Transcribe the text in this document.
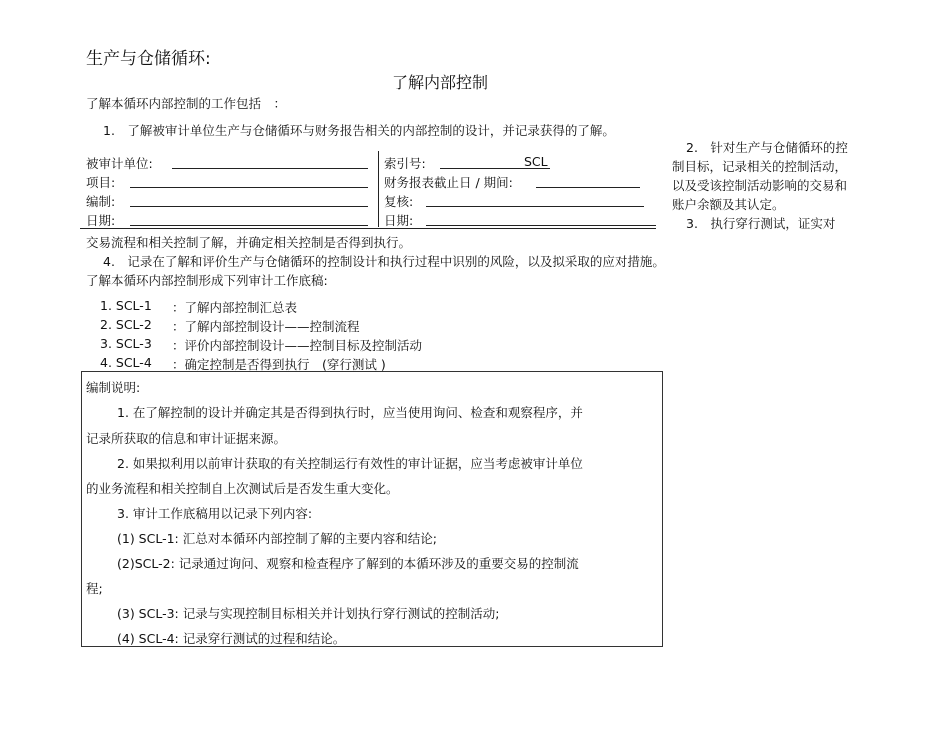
生产与仓储循环:
了解内部控制
了解本循环内部控制的工作包括　：
1.　了解被审计单位生产与仓储循环与财务报告相关的内部控制的设计，并记录获得的了解。
2.　针对生产与仓储循环的控制目标，记录相关的控制活动，以及受该控制活动影响的交易和账户余额及其认定。
3.　执行穿行测试，证实对
被审计单位:
项目:
编制:
日期:
索引号:	SCL
财务报表截止日 / 期间:
复核:
日期:
交易流程和相关控制了解，并确定相关控制是否得到执行。
4.　记录在了解和评价生产与仓储循环的控制设计和执行过程中识别的风险，以及拟采取的应对措施。
了解本循环内部控制形成下列审计工作底稿:
1. SCL-1 ：了解内部控制汇总表
2. SCL-2 ：了解内部控制设计——控制流程
3. SCL-3 ：评价内部控制设计——控制目标及控制活动
4. SCL-4 ：确定控制是否得到执行　(穿行测试 )
编制说明:
1. 在了解控制的设计并确定其是否得到执行时，应当使用询问、检查和观察程序，并
记录所获取的信息和审计证据来源。
2. 如果拟利用以前审计获取的有关控制运行有效性的审计证据，应当考虑被审计单位
的业务流程和相关控制自上次测试后是否发生重大变化。
3. 审计工作底稿用以记录下列内容:
(1) SCL-1: 汇总对本循环内部控制了解的主要内容和结论;
(2)SCL-2: 记录通过询问、观察和检查程序了解到的本循环涉及的重要交易的控制流
程;
(3) SCL-3: 记录与实现控制目标相关并计划执行穿行测试的控制活动;
(4) SCL-4: 记录穿行测试的过程和结论。
